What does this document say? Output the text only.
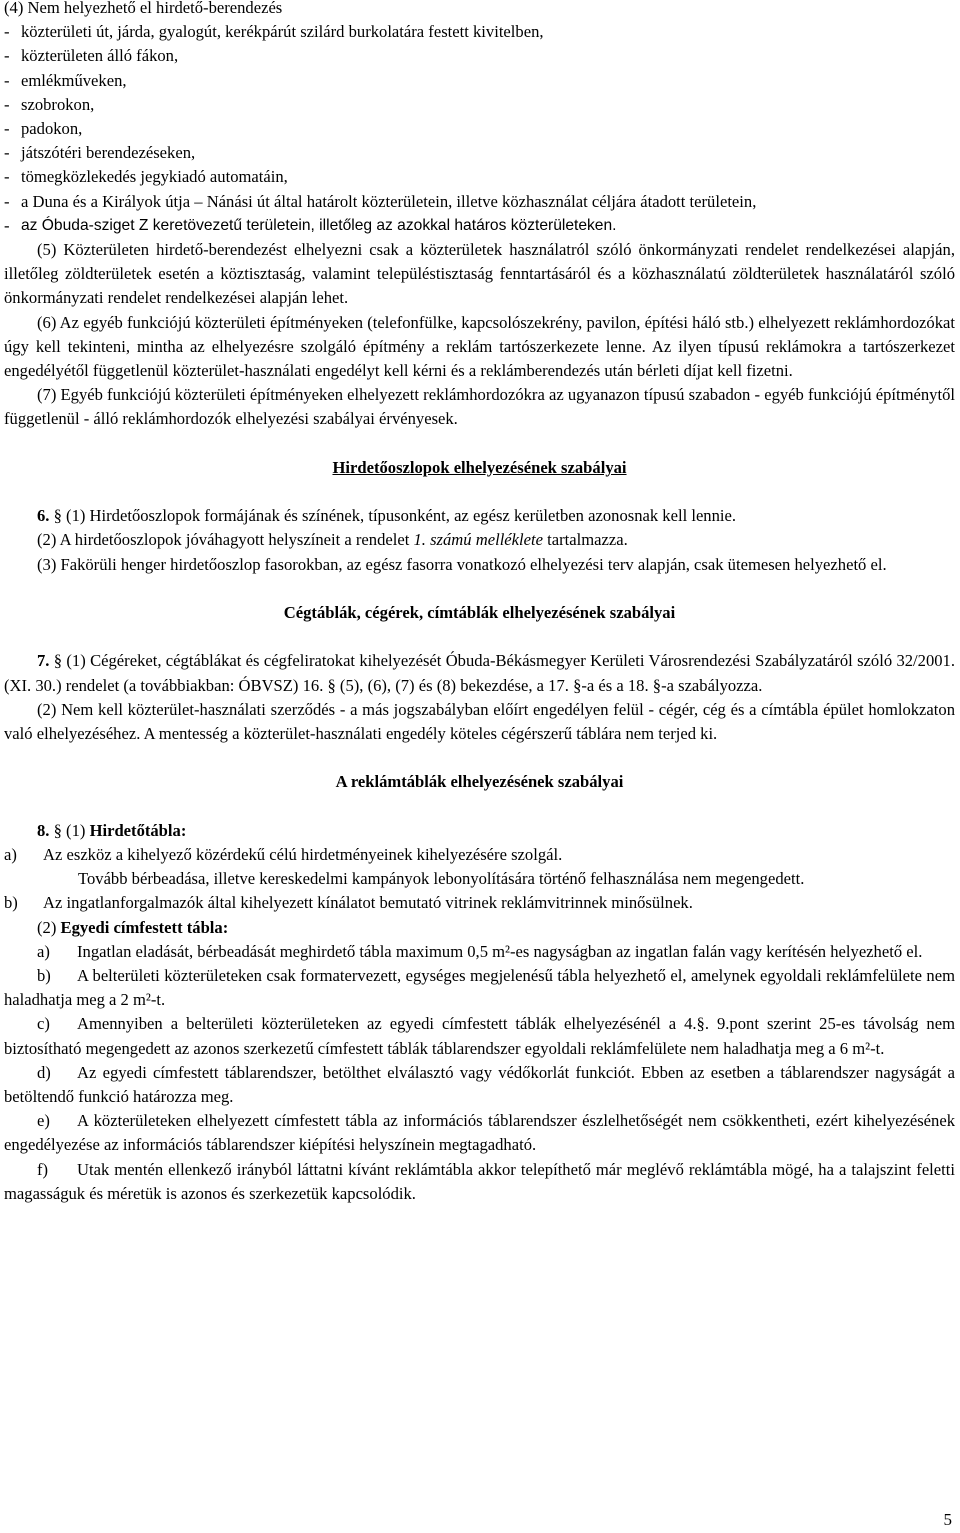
(4) Nem helyezhető el hirdető-berendezés

- közterületi út, járda, gyalogút, kerékpárút szilárd burkolatára festett kivitelben,
- közterületen álló fákon,
- emlékműveken,
- szobrokon,
- padokon,
- játszótéri berendezéseken,
- tömegközlekedés jegykiadó automatáin,

- a Duna és a Királyok útja – Nánási út által határolt közterületein, illetve közhasználat céljára átadott területein,

- az Óbuda-sziget Z keretövezetű területein, illetőleg az azokkal határos közterületeken.

(5) Közterületen hirdető-berendezést elhelyezni csak a közterületek használatról szóló önkormányzati rendelet rendelkezései alapján, illetőleg zöldterületek esetén a köztisztaság, valamint településtisztaság fenntartásáról és a közhasználatú zöldterületek használatáról szóló önkormányzati rendelet rendelkezései alapján lehet.

(6) Az egyéb funkciójú közterületi építményeken (telefonfülke, kapcsolószekrény, pavilon, építési háló stb.) elhelyezett reklámhordozókat úgy kell tekinteni, mintha az elhelyezésre szolgáló építmény a reklám tartószerkezete lenne. Az ilyen típusú reklámokra a tartószerkezet engedélyétől függetlenül közterület-használati engedélyt kell kérni és a reklámberendezés után bérleti díjat kell fizetni.

(7) Egyéb funkciójú közterületi építményeken elhelyezett reklámhordozókra az ugyanazon típusú szabadon - egyéb funkciójú építménytől függetlenül - álló reklámhordozók elhelyezési szabályai érvényesek.

Hirdetőoszlopok elhelyezésének szabályai

6. § (1) Hirdetőoszlopok formájának és színének, típusonként, az egész kerületben azonosnak kell lennie.

(2) A hirdetőoszlopok jóváhagyott helyszíneit a rendelet 1. számú melléklete tartalmazza.

(3) Fakörüli henger hirdetőoszlop fasorokban, az egész fasorra vonatkozó elhelyezési terv alapján, csak ütemesen helyezhető el.

Cégtáblák, cégérek, címtáblák elhelyezésének szabályai

7. § (1) Cégéreket, cégtáblákat és cégfeliratokat kihelyezését Óbuda-Békásmegyer Kerületi Városrendezési Szabályzatáról szóló 32/2001. (XI. 30.) rendelet (a továbbiakban: ÓBVSZ) 16. § (5), (6), (7) és (8) bekezdése, a 17. §-a és a 18. §-a szabályozza.

(2) Nem kell közterület-használati szerződés - a más jogszabályban előírt engedélyen felül - cégér, cég és a címtábla épület homlokzaton való elhelyezéséhez. A mentesség a közterület-használati engedély köteles cégérszerű táblára nem terjed ki.

A reklámtáblák elhelyezésének szabályai

8. § (1) Hirdetőtábla:

a)	Az eszköz a kihelyező közérdekű célú hirdetményeinek kihelyezésére szolgál.

Tovább bérbeadása, illetve kereskedelmi kampányok lebonyolítására történő felhasználása nem megengedett.

b)	Az ingatlanforgalmazók által kihelyezett kínálatot bemutató vitrinek reklámvitrinnek minősülnek.

(2) Egyedi címfestett tábla:

a) Ingatlan eladását, bérbeadását meghirdető tábla maximum 0,5 m²-es nagyságban az ingatlan falán vagy kerítésén helyezhető el.

b) A belterületi közterületeken csak formatervezett, egységes megjelenésű tábla helyezhető el, amelynek egyoldali reklámfelülete nem haladhatja meg a 2 m²-t.

c) Amennyiben a belterületi közterületeken az egyedi címfestett táblák elhelyezésénél a 4.§. 9.pont szerint 25-es távolság nem biztosítható megengedett az azonos szerkezetű címfestett táblák táblarendszer egyoldali reklámfelülete nem haladhatja meg a 6 m²-t.

d) Az egyedi címfestett táblarendszer, betölthet elválasztó vagy védőkorlát funkciót. Ebben az esetben a táblarendszer nagyságát a betöltendő funkció határozza meg.

e) A közterületeken elhelyezett címfestett tábla az információs táblarendszer észlelhetőségét nem csökkentheti, ezért kihelyezésének engedélyezése az információs táblarendszer kiépítési helyszínein megtagadható.

f) Utak mentén ellenkező irányból láttatni kívánt reklámtábla akkor telepíthető már meglévő reklámtábla mögé, ha a talajszint feletti magasságuk és méretük is azonos és szerkezetük kapcsolódik.

5
